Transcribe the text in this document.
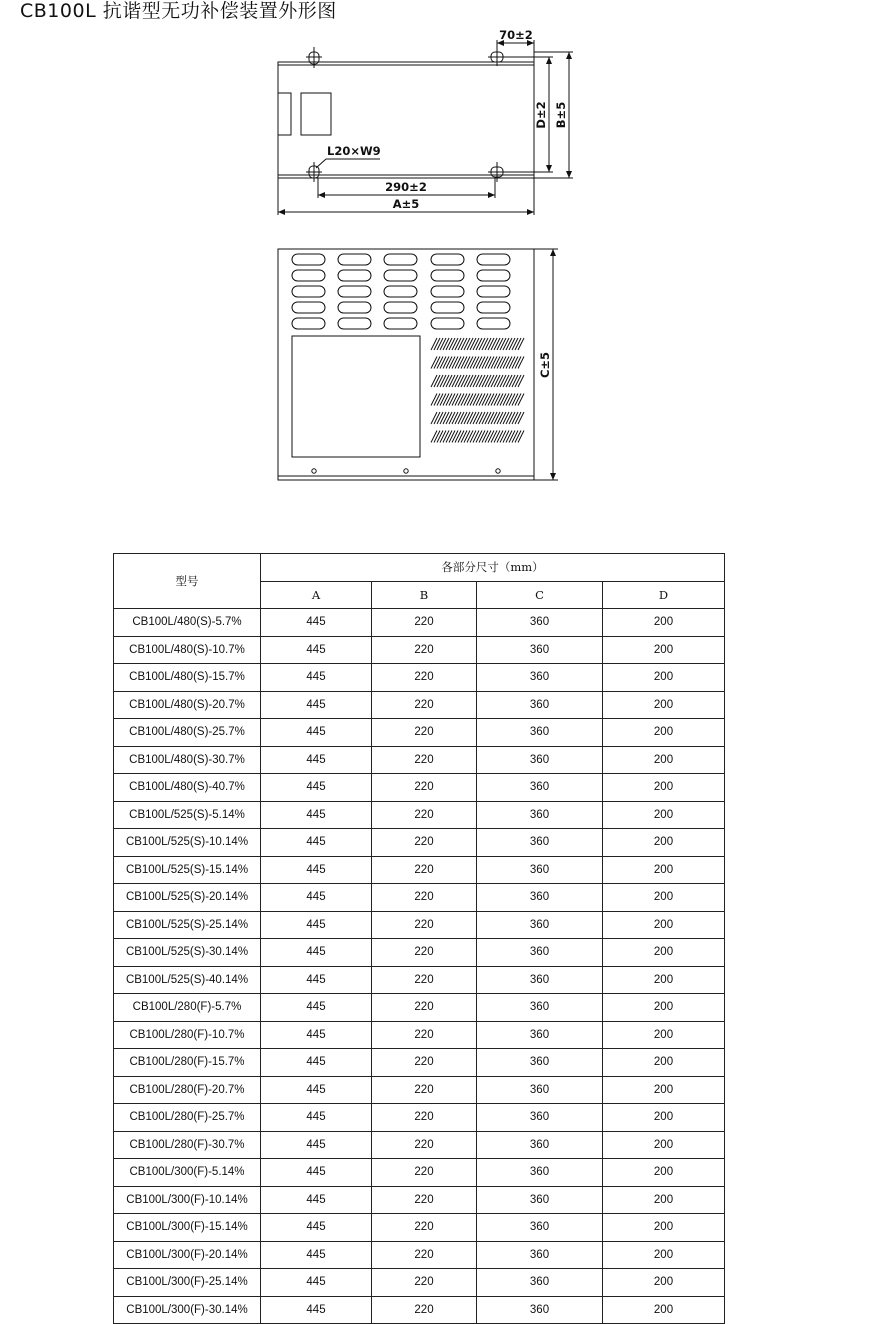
CB100L 抗谐型无功补偿装置外形图
70±2
D±2 B±5
L20×W9
290±2
A±5
C±5
型号	各部分尺寸（mm）			
	A	B	C	D
CB100L/480(S)-5.7%	445	220	360	200
CB100L/480(S)-10.7%	445	220	360	200
CB100L/480(S)-15.7%	445	220	360	200
CB100L/480(S)-20.7%	445	220	360	200
CB100L/480(S)-25.7%	445	220	360	200
CB100L/480(S)-30.7%	445	220	360	200
CB100L/480(S)-40.7%	445	220	360	200
CB100L/525(S)-5.14%	445	220	360	200
CB100L/525(S)-10.14%	445	220	360	200
CB100L/525(S)-15.14%	445	220	360	200
CB100L/525(S)-20.14%	445	220	360	200
CB100L/525(S)-25.14%	445	220	360	200
CB100L/525(S)-30.14%	445	220	360	200
CB100L/525(S)-40.14%	445	220	360	200
CB100L/280(F)-5.7%	445	220	360	200
CB100L/280(F)-10.7%	445	220	360	200
CB100L/280(F)-15.7%	445	220	360	200
CB100L/280(F)-20.7%	445	220	360	200
CB100L/280(F)-25.7%	445	220	360	200
CB100L/280(F)-30.7%	445	220	360	200
CB100L/300(F)-5.14%	445	220	360	200
CB100L/300(F)-10.14%	445	220	360	200
CB100L/300(F)-15.14%	445	220	360	200
CB100L/300(F)-20.14%	445	220	360	200
CB100L/300(F)-25.14%	445	220	360	200
CB100L/300(F)-30.14%	445	220	360	200
